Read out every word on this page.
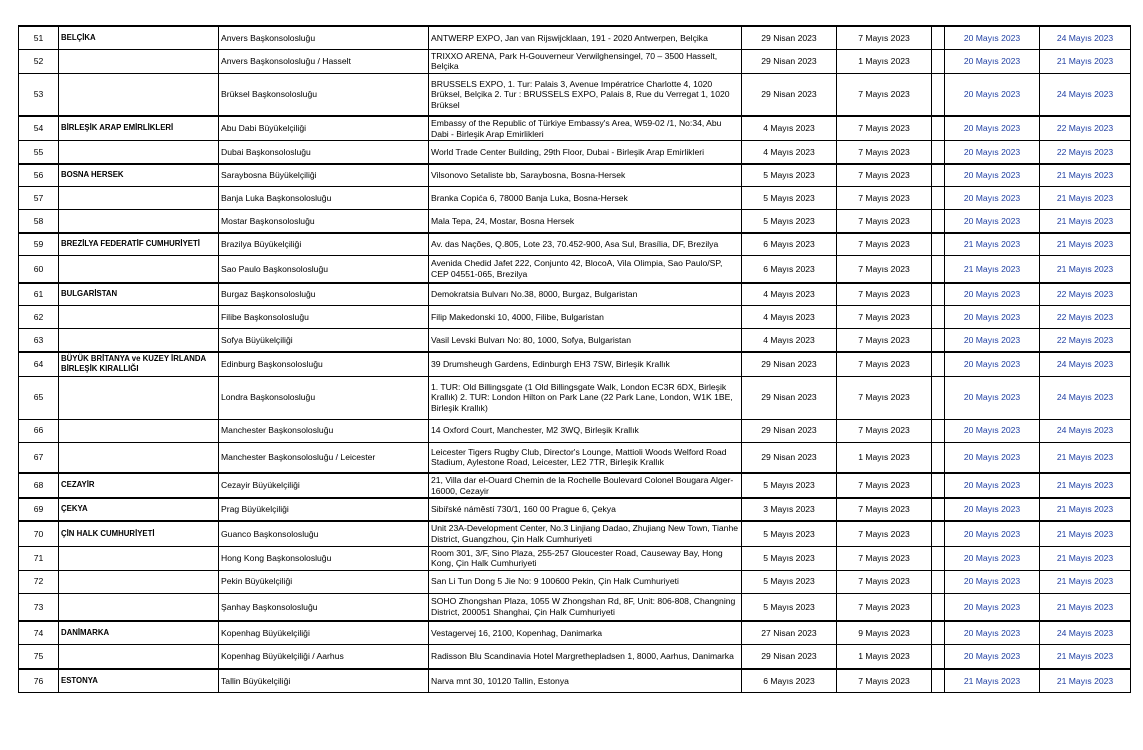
51	BELÇİKA	Anvers Başkonsolosluğu	ANTWERP EXPO, Jan van Rijswijcklaan, 191 - 2020 Antwerpen, Belçika	29 Nisan 2023	7 Mayıs 2023		20 Mayıs 2023	24 Mayıs 2023
52		Anvers Başkonsolosluğu / Hasselt	TRIXXO ARENA, Park H-Gouverneur Verwilghensingel, 70 – 3500 Hasselt, Belçika	29 Nisan 2023	1 Mayıs 2023		20 Mayıs 2023	21 Mayıs 2023
53		Brüksel Başkonsolosluğu	BRUSSELS EXPO, 1. Tur: Palais 3, Avenue Impératrice Charlotte 4, 1020 Brüksel, Belçika 2. Tur : BRUSSELS EXPO, Palais 8, Rue du Verregat 1, 1020 Brüksel	29 Nisan 2023	7 Mayıs 2023		20 Mayıs 2023	24 Mayıs 2023
54	BİRLEŞİK ARAP EMİRLİKLERİ	Abu Dabi Büyükelçiliği	Embassy of the Republic of Türkiye Embassy's Area, W59-02 /1, No:34, Abu Dabi - Birleşik Arap Emirlikleri	4 Mayıs 2023	7 Mayıs 2023		20 Mayıs 2023	22 Mayıs 2023
55		Dubai Başkonsolosluğu	World Trade Center Building, 29th Floor, Dubai - Birleşik Arap Emirlikleri	4 Mayıs 2023	7 Mayıs 2023		20 Mayıs 2023	22 Mayıs 2023
56	BOSNA HERSEK	Saraybosna Büyükelçiliği	Vilsonovo Setaliste bb, Saraybosna, Bosna-Hersek	5 Mayıs 2023	7 Mayıs 2023		20 Mayıs 2023	21 Mayıs 2023
57		Banja Luka Başkonsolosluğu	Branka Copića 6, 78000 Banja Luka, Bosna-Hersek	5 Mayıs 2023	7 Mayıs 2023		20 Mayıs 2023	21 Mayıs 2023
58		Mostar Başkonsolosluğu	Mala Tepa, 24, Mostar, Bosna Hersek	5 Mayıs 2023	7 Mayıs 2023		20 Mayıs 2023	21 Mayıs 2023
59	BREZİLYA FEDERATİF CUMHURİYETİ	Brazilya Büyükelçiliği	Av. das Nações, Q.805, Lote 23, 70.452-900, Asa Sul, Brasília, DF, Brezilya	6 Mayıs 2023	7 Mayıs 2023		21 Mayıs 2023	21 Mayıs 2023
60		Sao Paulo Başkonsolosluğu	Avenida Chedid Jafet 222, Conjunto 42, BlocoA, Vila Olimpia, Sao Paulo/SP, CEP 04551-065, Brezilya	6 Mayıs 2023	7 Mayıs 2023		21 Mayıs 2023	21 Mayıs 2023
61	BULGARİSTAN	Burgaz Başkonsolosluğu	Demokratsia Bulvarı No.38, 8000, Burgaz, Bulgaristan	4 Mayıs 2023	7 Mayıs 2023		20 Mayıs 2023	22 Mayıs 2023
62		Filibe Başkonsolosluğu	Filip Makedonski 10, 4000, Filibe, Bulgaristan	4 Mayıs 2023	7 Mayıs 2023		20 Mayıs 2023	22 Mayıs 2023
63		Sofya Büyükelçiliği	Vasil Levski Bulvarı No: 80, 1000, Sofya, Bulgaristan	4 Mayıs 2023	7 Mayıs 2023		20 Mayıs 2023	22 Mayıs 2023
64	BÜYÜK BRİTANYA ve KUZEY İRLANDA BİRLEŞİK KIRALLIĞI	Edinburg Başkonsolosluğu	39 Drumsheugh Gardens, Edinburgh EH3 7SW, Birleşik Krallık	29 Nisan 2023	7 Mayıs 2023		20 Mayıs 2023	24 Mayıs 2023
65		Londra Başkonsolosluğu	1. TUR: Old Billingsgate (1 Old Billingsgate Walk, London EC3R 6DX, Birleşik Krallık) 2. TUR: London Hilton on Park Lane (22 Park Lane, London, W1K 1BE, Birleşik Krallık)	29 Nisan 2023	7 Mayıs 2023		20 Mayıs 2023	24 Mayıs 2023
66		Manchester Başkonsolosluğu	14 Oxford Court, Manchester, M2 3WQ, Birleşik Krallık	29 Nisan 2023	7 Mayıs 2023		20 Mayıs 2023	24 Mayıs 2023
67		Manchester Başkonsolosluğu / Leicester	Leicester Tigers Rugby Club, Director's Lounge, Mattioli Woods Welford Road Stadium, Aylestone Road, Leicester, LE2 7TR, Birleşik Krallık	29 Nisan 2023	1 Mayıs 2023		20 Mayıs 2023	21 Mayıs 2023
68	CEZAYİR	Cezayir Büyükelçiliği	21, Villa dar el-Ouard Chemin de la Rochelle Boulevard Colonel Bougara Alger-16000, Cezayir	5 Mayıs 2023	7 Mayıs 2023		20 Mayıs 2023	21 Mayıs 2023
69	ÇEKYA	Prag Büyükelçiliği	Sibiřské náměstí 730/1, 160 00 Prague 6, Çekya	3 Mayıs 2023	7 Mayıs 2023		20 Mayıs 2023	21 Mayıs 2023
70	ÇİN HALK CUMHURİYETİ	Guanco Başkonsolosluğu	Unit 23A-Development Center, No.3 Linjiang Dadao, Zhujiang New Town, Tianhe District, Guangzhou, Çin Halk Cumhuriyeti	5 Mayıs 2023	7 Mayıs 2023		20 Mayıs 2023	21 Mayıs 2023
71		Hong Kong Başkonsolosluğu	Room 301, 3/F, Sino Plaza, 255-257 Gloucester Road, Causeway Bay, Hong Kong, Çin Halk Cumhuriyeti	5 Mayıs 2023	7 Mayıs 2023		20 Mayıs 2023	21 Mayıs 2023
72		Pekin Büyükelçiliği	San Li Tun Dong 5 Jie No: 9 100600 Pekin, Çin Halk Cumhuriyeti	5 Mayıs 2023	7 Mayıs 2023		20 Mayıs 2023	21 Mayıs 2023
73		Şanhay Başkonsolosluğu	SOHO Zhongshan Plaza, 1055 W Zhongshan Rd, 8F, Unit: 806-808, Changning District, 200051 Shanghai, Çin Halk Cumhuriyeti	5 Mayıs 2023	7 Mayıs 2023		20 Mayıs 2023	21 Mayıs 2023
74	DANİMARKA	Kopenhag Büyükelçiliği	Vestagervej 16, 2100, Kopenhag, Danimarka	27 Nisan 2023	9 Mayıs 2023		20 Mayıs 2023	24 Mayıs 2023
75		Kopenhag Büyükelçiliği / Aarhus	Radisson Blu Scandinavia Hotel Margrethepladsen 1, 8000, Aarhus, Danimarka	29 Nisan 2023	1 Mayıs 2023		20 Mayıs 2023	21 Mayıs 2023
76	ESTONYA	Tallin Büyükelçiliği	Narva mnt 30, 10120 Tallin, Estonya	6 Mayıs 2023	7 Mayıs 2023		21 Mayıs 2023	21 Mayıs 2023
